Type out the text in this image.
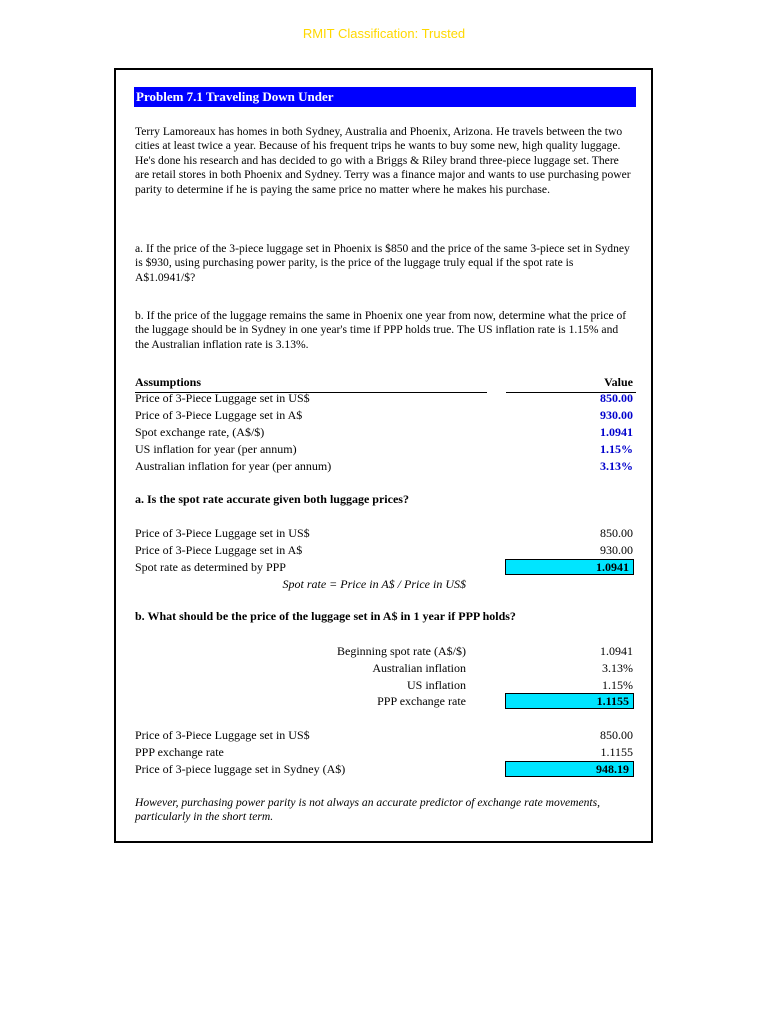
RMIT Classification: Trusted
Problem 7.1 Traveling Down Under
Terry Lamoreaux has homes in both Sydney, Australia and Phoenix, Arizona. He travels between the two cities at least twice a year. Because of his frequent trips he wants to buy some new, high quality luggage. He's done his research and has decided to go with a Briggs & Riley brand three-piece luggage set. There are retail stores in both Phoenix and Sydney. Terry was a finance major and wants to use purchasing power parity to determine if he is paying the same price no matter where he makes his purchase.
a. If the price of the 3-piece luggage set in Phoenix is $850 and the price of the same 3-piece set in Sydney is $930, using purchasing power parity, is the price of the luggage truly equal if the spot rate is A$1.0941/$?
b. If the price of the luggage remains the same in Phoenix one year from now, determine what the price of the luggage should be in Sydney in one year's time if PPP holds true. The US inflation rate is 1.15% and the Australian inflation rate is 3.13%.
Assumptions	Value
Price of 3-Piece Luggage set in US$	850.00
Price of 3-Piece Luggage set in A$	930.00
Spot exchange rate, (A$/$)	1.0941
US inflation for year (per annum)	1.15%
Australian inflation for year (per annum)	3.13%
a. Is the spot rate accurate given both luggage prices?
Price of 3-Piece Luggage set in US$	850.00
Price of 3-Piece Luggage set in A$	930.00
Spot rate as determined by PPP	1.0941
Spot rate = Price in A$ / Price in US$
b. What should be the price of the luggage set in A$ in 1 year if PPP holds?
Beginning spot rate (A$/$)	1.0941
Australian inflation	3.13%
US inflation	1.15%
PPP exchange rate	1.1155
Price of 3-Piece Luggage set in US$	850.00
PPP exchange rate	1.1155
Price of 3-piece luggage set in Sydney (A$)	948.19
However, purchasing power parity is not always an accurate predictor of exchange rate movements, particularly in the short term.
